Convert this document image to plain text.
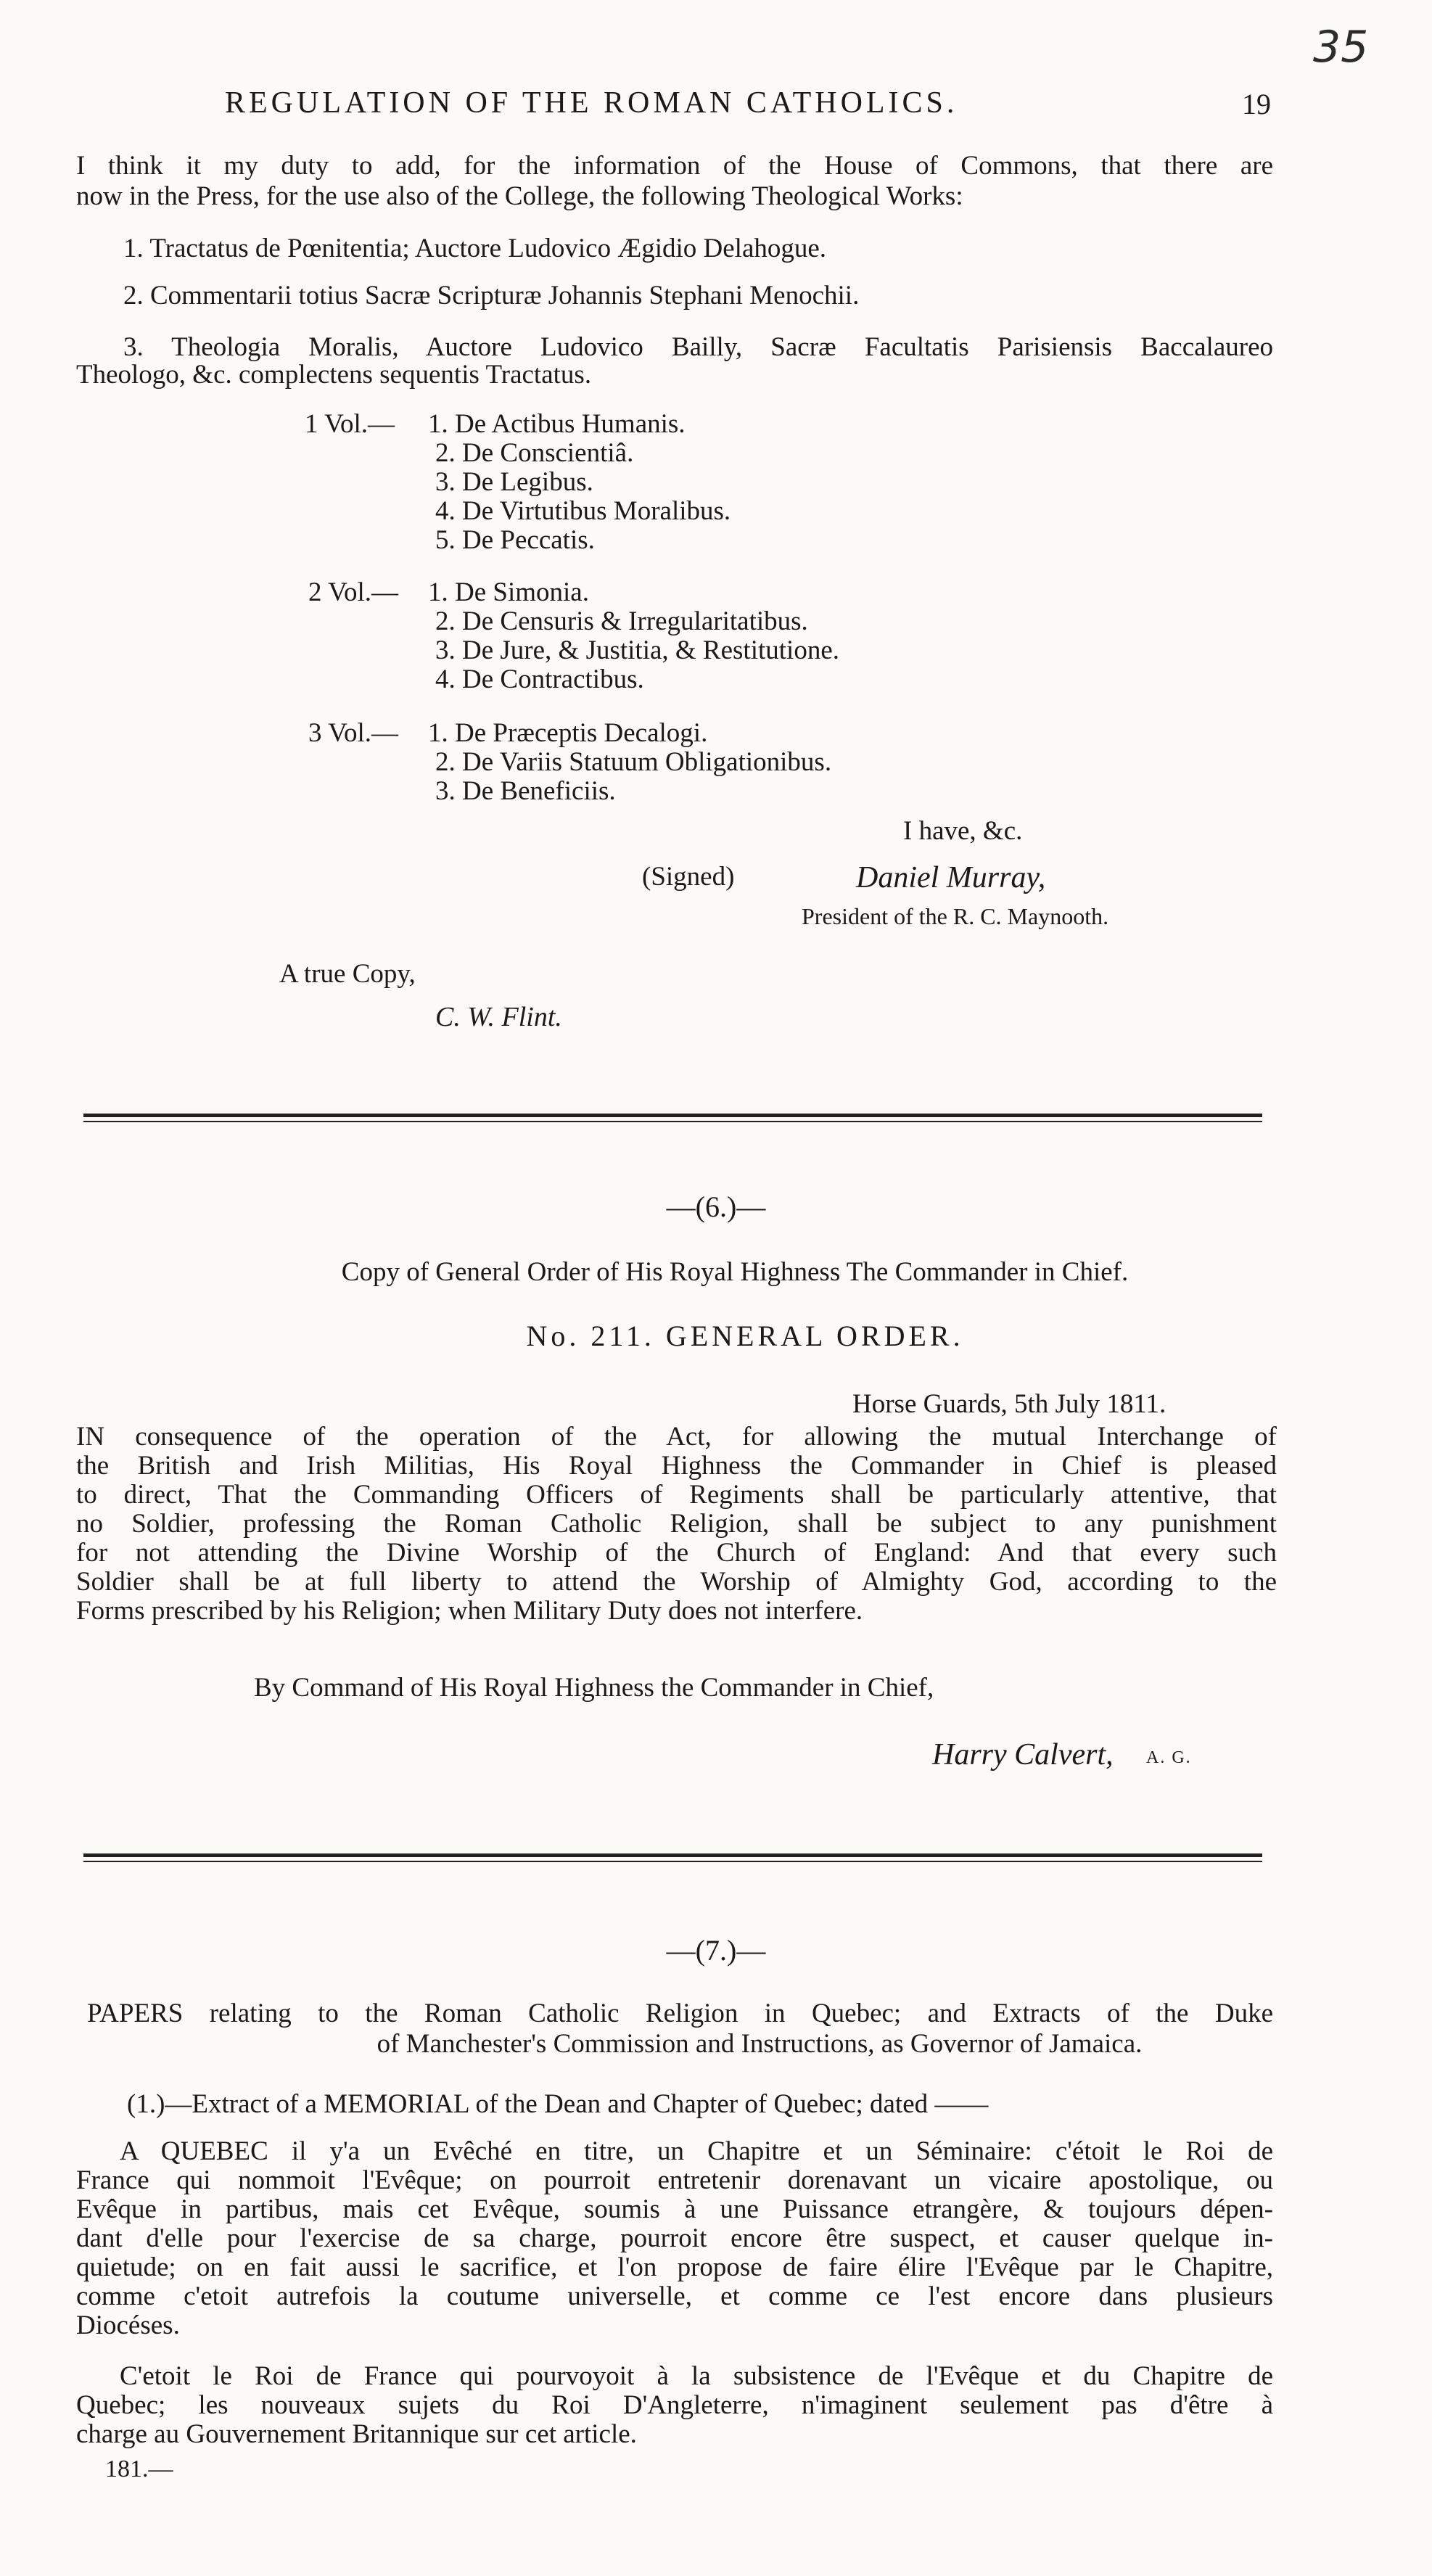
35
REGULATION OF THE ROMAN CATHOLICS.	19
I think it my duty to add, for the information of the House of Commons, that there are
now in the Press, for the use also of the College, the following Theological Works:
1. Tractatus de Pœnitentia; Auctore Ludovico Ægidio Delahogue.
2. Commentarii totius Sacræ Scripturæ Johannis Stephani Menochii.
3. Theologia Moralis, Auctore Ludovico Bailly, Sacræ Facultatis Parisiensis Baccalaureo
Theologo, &c. complectens sequentis Tractatus.
1 Vol.— 1. De Actibus Humanis.
2. De Conscientiâ.
3. De Legibus.
4. De Virtutibus Moralibus.
5. De Peccatis.
2 Vol.— 1. De Simonia.
2. De Censuris & Irregularitatibus.
3. De Jure, & Justitia, & Restitutione.
4. De Contractibus.
3 Vol.— 1. De Præceptis Decalogi.
2. De Variis Statuum Obligationibus.
3. De Beneficiis.
I have, &c.
(Signed)	Daniel Murray,
President of the R. C. Maynooth.
A true Copy,
C. W. Flint.
—(6.)—
Copy of General Order of His Royal Highness The Commander in Chief.
No. 211. GENERAL ORDER.
Horse Guards, 5th July 1811.
IN consequence of the operation of the Act, for allowing the mutual Interchange of
the British and Irish Militias, His Royal Highness the Commander in Chief is pleased
to direct, That the Commanding Officers of Regiments shall be particularly attentive, that
no Soldier, professing the Roman Catholic Religion, shall be subject to any punishment
for not attending the Divine Worship of the Church of England: And that every such
Soldier shall be at full liberty to attend the Worship of Almighty God, according to the
Forms prescribed by his Religion; when Military Duty does not interfere.
By Command of His Royal Highness the Commander in Chief,
Harry Calvert, A. G.
—(7.)—
PAPERS relating to the Roman Catholic Religion in Quebec; and Extracts of the Duke
of Manchester's Commission and Instructions, as Governor of Jamaica.
(1.)—Extract of a MEMORIAL of the Dean and Chapter of Quebec; dated ——
A QUEBEC il y'a un Evêché en titre, un Chapitre et un Séminaire: c'étoit le Roi de
France qui nommoit l'Evêque; on pourroit entretenir dorenavant un vicaire apostolique, ou
Evêque in partibus, mais cet Evêque, soumis à une Puissance etrangère, & toujours dépen-
dant d'elle pour l'exercise de sa charge, pourroit encore être suspect, et causer quelque in-
quietude; on en fait aussi le sacrifice, et l'on propose de faire élire l'Evêque par le Chapitre,
comme c'etoit autrefois la coutume universelle, et comme ce l'est encore dans plusieurs
Diocéses.
C'etoit le Roi de France qui pourvoyoit à la subsistence de l'Evêque et du Chapitre de
Quebec; les nouveaux sujets du Roi D'Angleterre, n'imaginent seulement pas d'être à
charge au Gouvernement Britannique sur cet article.
181.—
